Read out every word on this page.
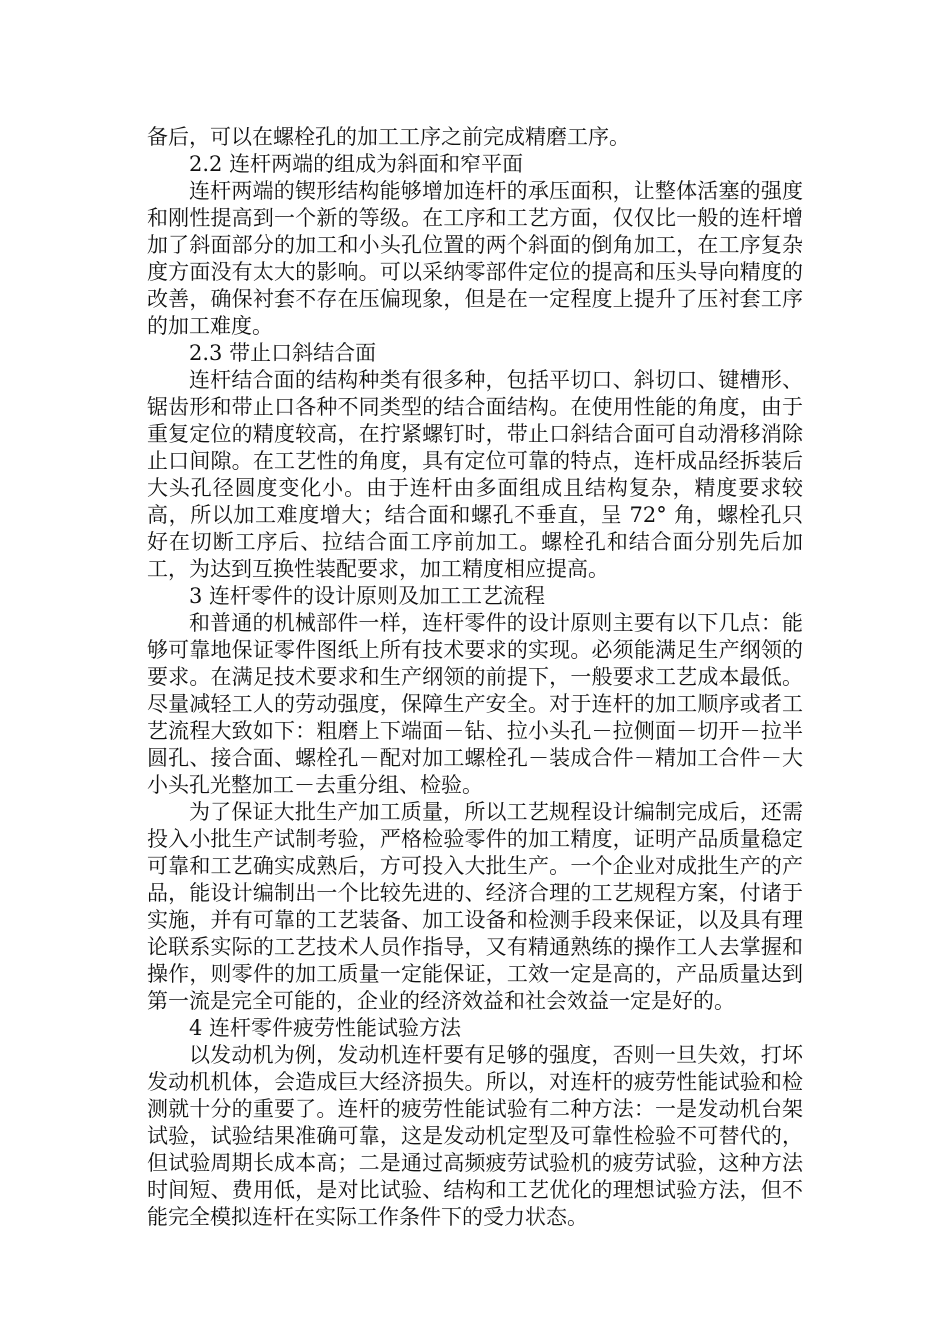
备后，可以在螺栓孔的加工工序之前完成精磨工序。

2.2 连杆两端的组成为斜面和窄平面

连杆两端的锲形结构能够增加连杆的承压面积，让整体活塞的强度和刚性提高到一个新的等级。在工序和工艺方面，仅仅比一般的连杆增加了斜面部分的加工和小头孔位置的两个斜面的倒角加工，在工序复杂度方面没有太大的影响。可以采纳零部件定位的提高和压头导向精度的改善，确保衬套不存在压偏现象，但是在一定程度上提升了压衬套工序的加工难度。

2.3 带止口斜结合面

连杆结合面的结构种类有很多种，包括平切口、斜切口、键槽形、锯齿形和带止口各种不同类型的结合面结构。在使用性能的角度，由于重复定位的精度较高，在拧紧螺钉时，带止口斜结合面可自动滑移消除止口间隙。在工艺性的角度，具有定位可靠的特点，连杆成品经拆装后大头孔径圆度变化小。由于连杆由多面组成且结构复杂，精度要求较高，所以加工难度增大；结合面和螺孔不垂直，呈 72° 角，螺栓孔只好在切断工序后、拉结合面工序前加工。螺栓孔和结合面分别先后加工，为达到互换性装配要求，加工精度相应提高。

3 连杆零件的设计原则及加工工艺流程

和普通的机械部件一样，连杆零件的设计原则主要有以下几点：能够可靠地保证零件图纸上所有技术要求的实现。必须能满足生产纲领的要求。在满足技术要求和生产纲领的前提下，一般要求工艺成本最低。尽量减轻工人的劳动强度，保障生产安全。对于连杆的加工顺序或者工艺流程大致如下：粗磨上下端面－钻、拉小头孔－拉侧面－切开－拉半圆孔、接合面、螺栓孔－配对加工螺栓孔－装成合件－精加工合件－大小头孔光整加工－去重分组、检验。

为了保证大批生产加工质量，所以工艺规程设计编制完成后，还需投入小批生产试制考验，严格检验零件的加工精度，证明产品质量稳定可靠和工艺确实成熟后，方可投入大批生产。一个企业对成批生产的产品，能设计编制出一个比较先进的、经济合理的工艺规程方案，付诸于实施，并有可靠的工艺装备、加工设备和检测手段来保证，以及具有理论联系实际的工艺技术人员作指导，又有精通熟练的操作工人去掌握和操作，则零件的加工质量一定能保证，工效一定是高的，产品质量达到第一流是完全可能的，企业的经济效益和社会效益一定是好的。

4 连杆零件疲劳性能试验方法

以发动机为例，发动机连杆要有足够的强度，否则一旦失效，打坏发动机机体，会造成巨大经济损失。所以，对连杆的疲劳性能试验和检测就十分的重要了。连杆的疲劳性能试验有二种方法：一是发动机台架试验，试验结果准确可靠，这是发动机定型及可靠性检验不可替代的，但试验周期长成本高；二是通过高频疲劳试验机的疲劳试验，这种方法时间短、费用低，是对比试验、结构和工艺优化的理想试验方法，但不能完全模拟连杆在实际工作条件下的受力状态。
